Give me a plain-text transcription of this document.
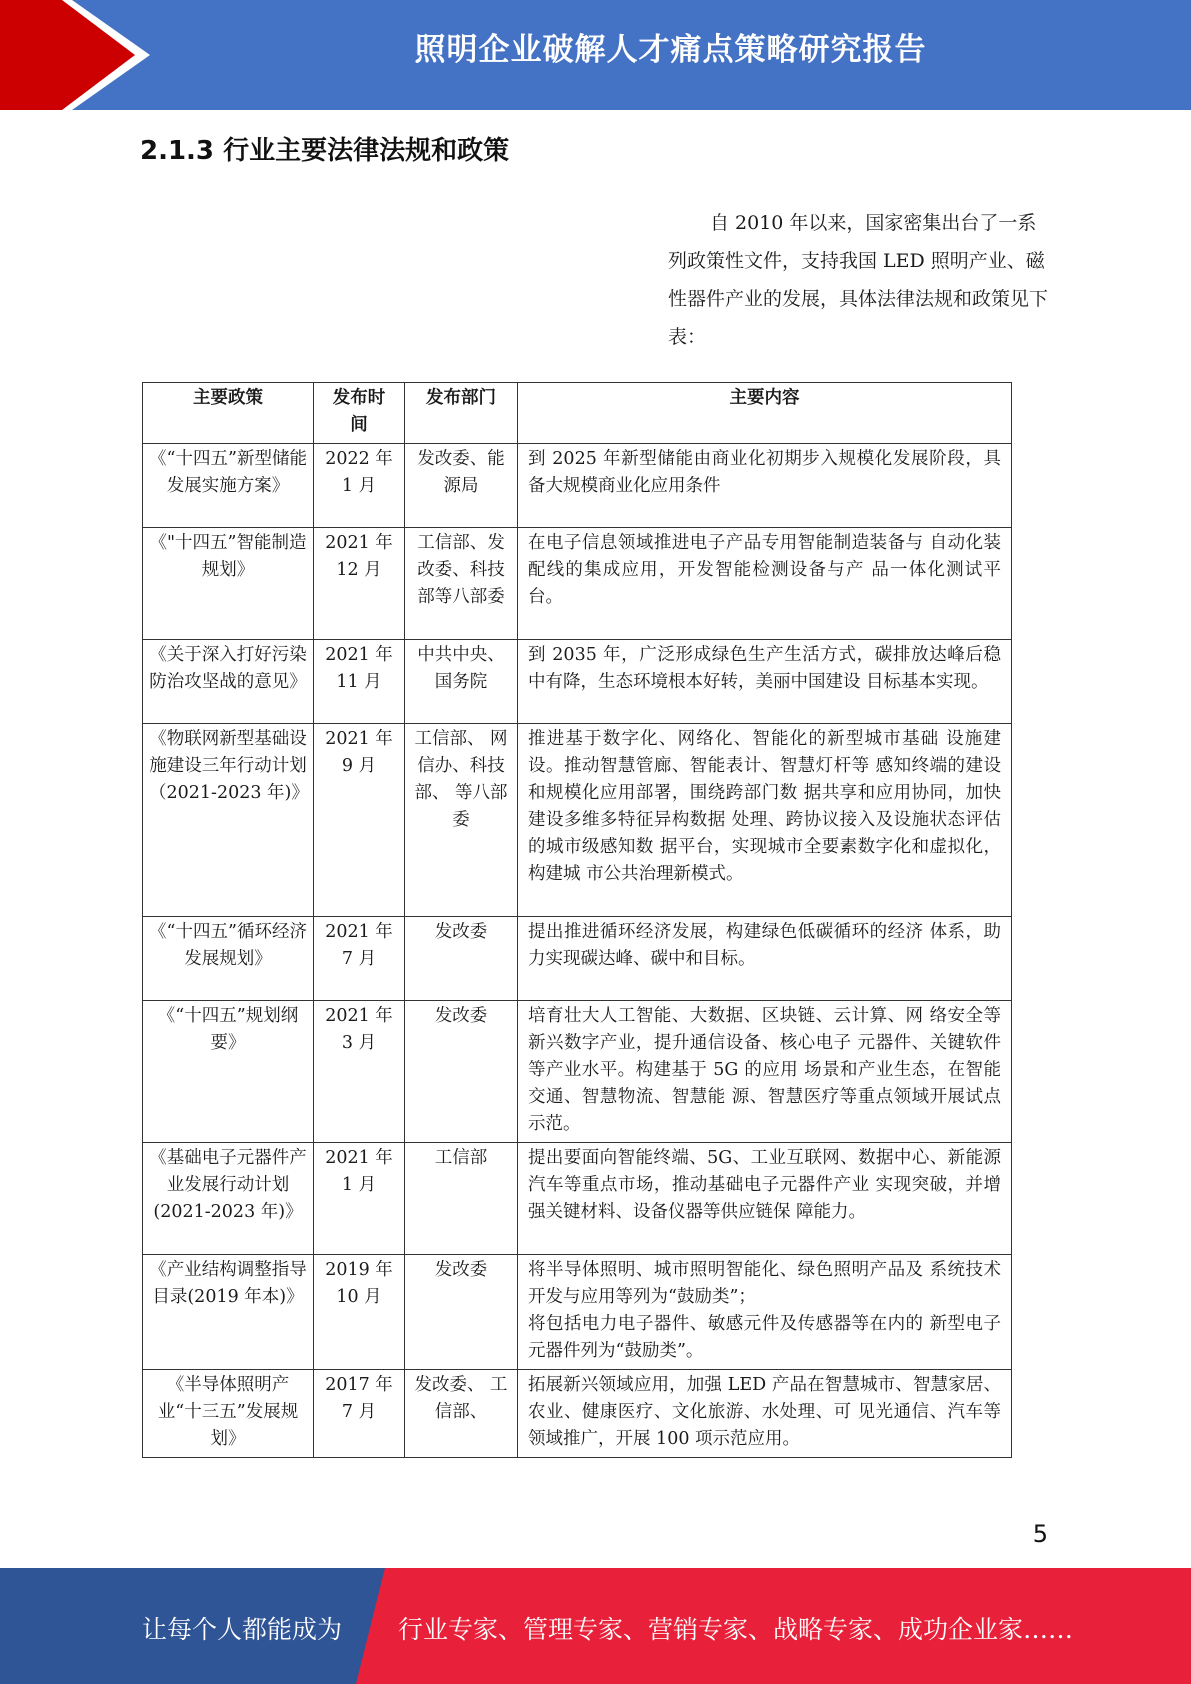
照明企业破解人才痛点策略研究报告
2.1.3 行业主要法律法规和政策
自 2010 年以来，国家密集出台了一系列政策性文件，支持我国 LED 照明产业、磁性器件产业的发展，具体法律法规和政策见下表：
主要政策	发布时间	发布部门	主要内容
《“十四五”新型储能发展实施方案》	2022 年 1 月	发改委、能源局	到 2025 年新型储能由商业化初期步入规模化发展阶段，具备大规模商业化应用条件
《"十四五”智能制造规划》	2021 年 12 月	工信部、发改委、科技部等八部委	在电子信息领域推进电子产品专用智能制造装备与 自动化装配线的集成应用，开发智能检测设备与产 品一体化测试平台。
《关于深入打好污染防治攻坚战的意见》	2021 年 11 月	中共中央、国务院	到 2035 年，广泛形成绿色生产生活方式，碳排放达峰后稳中有降，生态环境根本好转，美丽中国建设 目标基本实现。
《物联网新型基础设施建设三年行动计划（2021-2023 年)》	2021 年 9 月	工信部、 网信办、科技部、 等八部委	推进基于数字化、网络化、智能化的新型城市基础 设施建设。推动智慧管廊、智能表计、智慧灯杆等 感知终端的建设和规模化应用部署，围绕跨部门数 据共享和应用协同，加快建设多维多特征异构数据 处理、跨协议接入及设施状态评估的城市级感知数 据平台，实现城市全要素数字化和虚拟化，构建城 市公共治理新模式。
《“十四五”循环经济发展规划》	2021 年 7 月	发改委	提出推进循环经济发展，构建绿色低碳循环的经济 体系，助力实现碳达峰、碳中和目标。
《“十四五”规划纲要》	2021 年 3 月	发改委	培育壮大人工智能、大数据、区块链、云计算、网 络安全等新兴数字产业，提升通信设备、核心电子 元器件、关键软件等产业水平。构建基于 5G 的应用 场景和产业生态，在智能交通、智慧物流、智慧能 源、智慧医疗等重点领域开展试点示范。
《基础电子元器件产业发展行动计划(2021-2023 年)》	2021 年 1 月	工信部	提出要面向智能终端、5G、工业互联网、数据中心、新能源汽车等重点市场，推动基础电子元器件产业 实现突破，并增强关键材料、设备仪器等供应链保 障能力。
《产业结构调整指导目录(2019 年本)》	2019 年 10 月	发改委	将半导体照明、城市照明智能化、绿色照明产品及 系统技术开发与应用等列为“鼓励类”；
将包括电力电子器件、敏感元件及传感器等在内的 新型电子元器件列为“鼓励类”。
《半导体照明产业“十三五”发展规划》	2017 年 7 月	发改委、 工信部、	拓展新兴领域应用，加强 LED 产品在智慧城市、智慧家居、农业、健康医疗、文化旅游、水处理、可 见光通信、汽车等领域推广，开展 100 项示范应用。
5
让每个人都能成为 行业专家、管理专家、营销专家、战略专家、成功企业家……
